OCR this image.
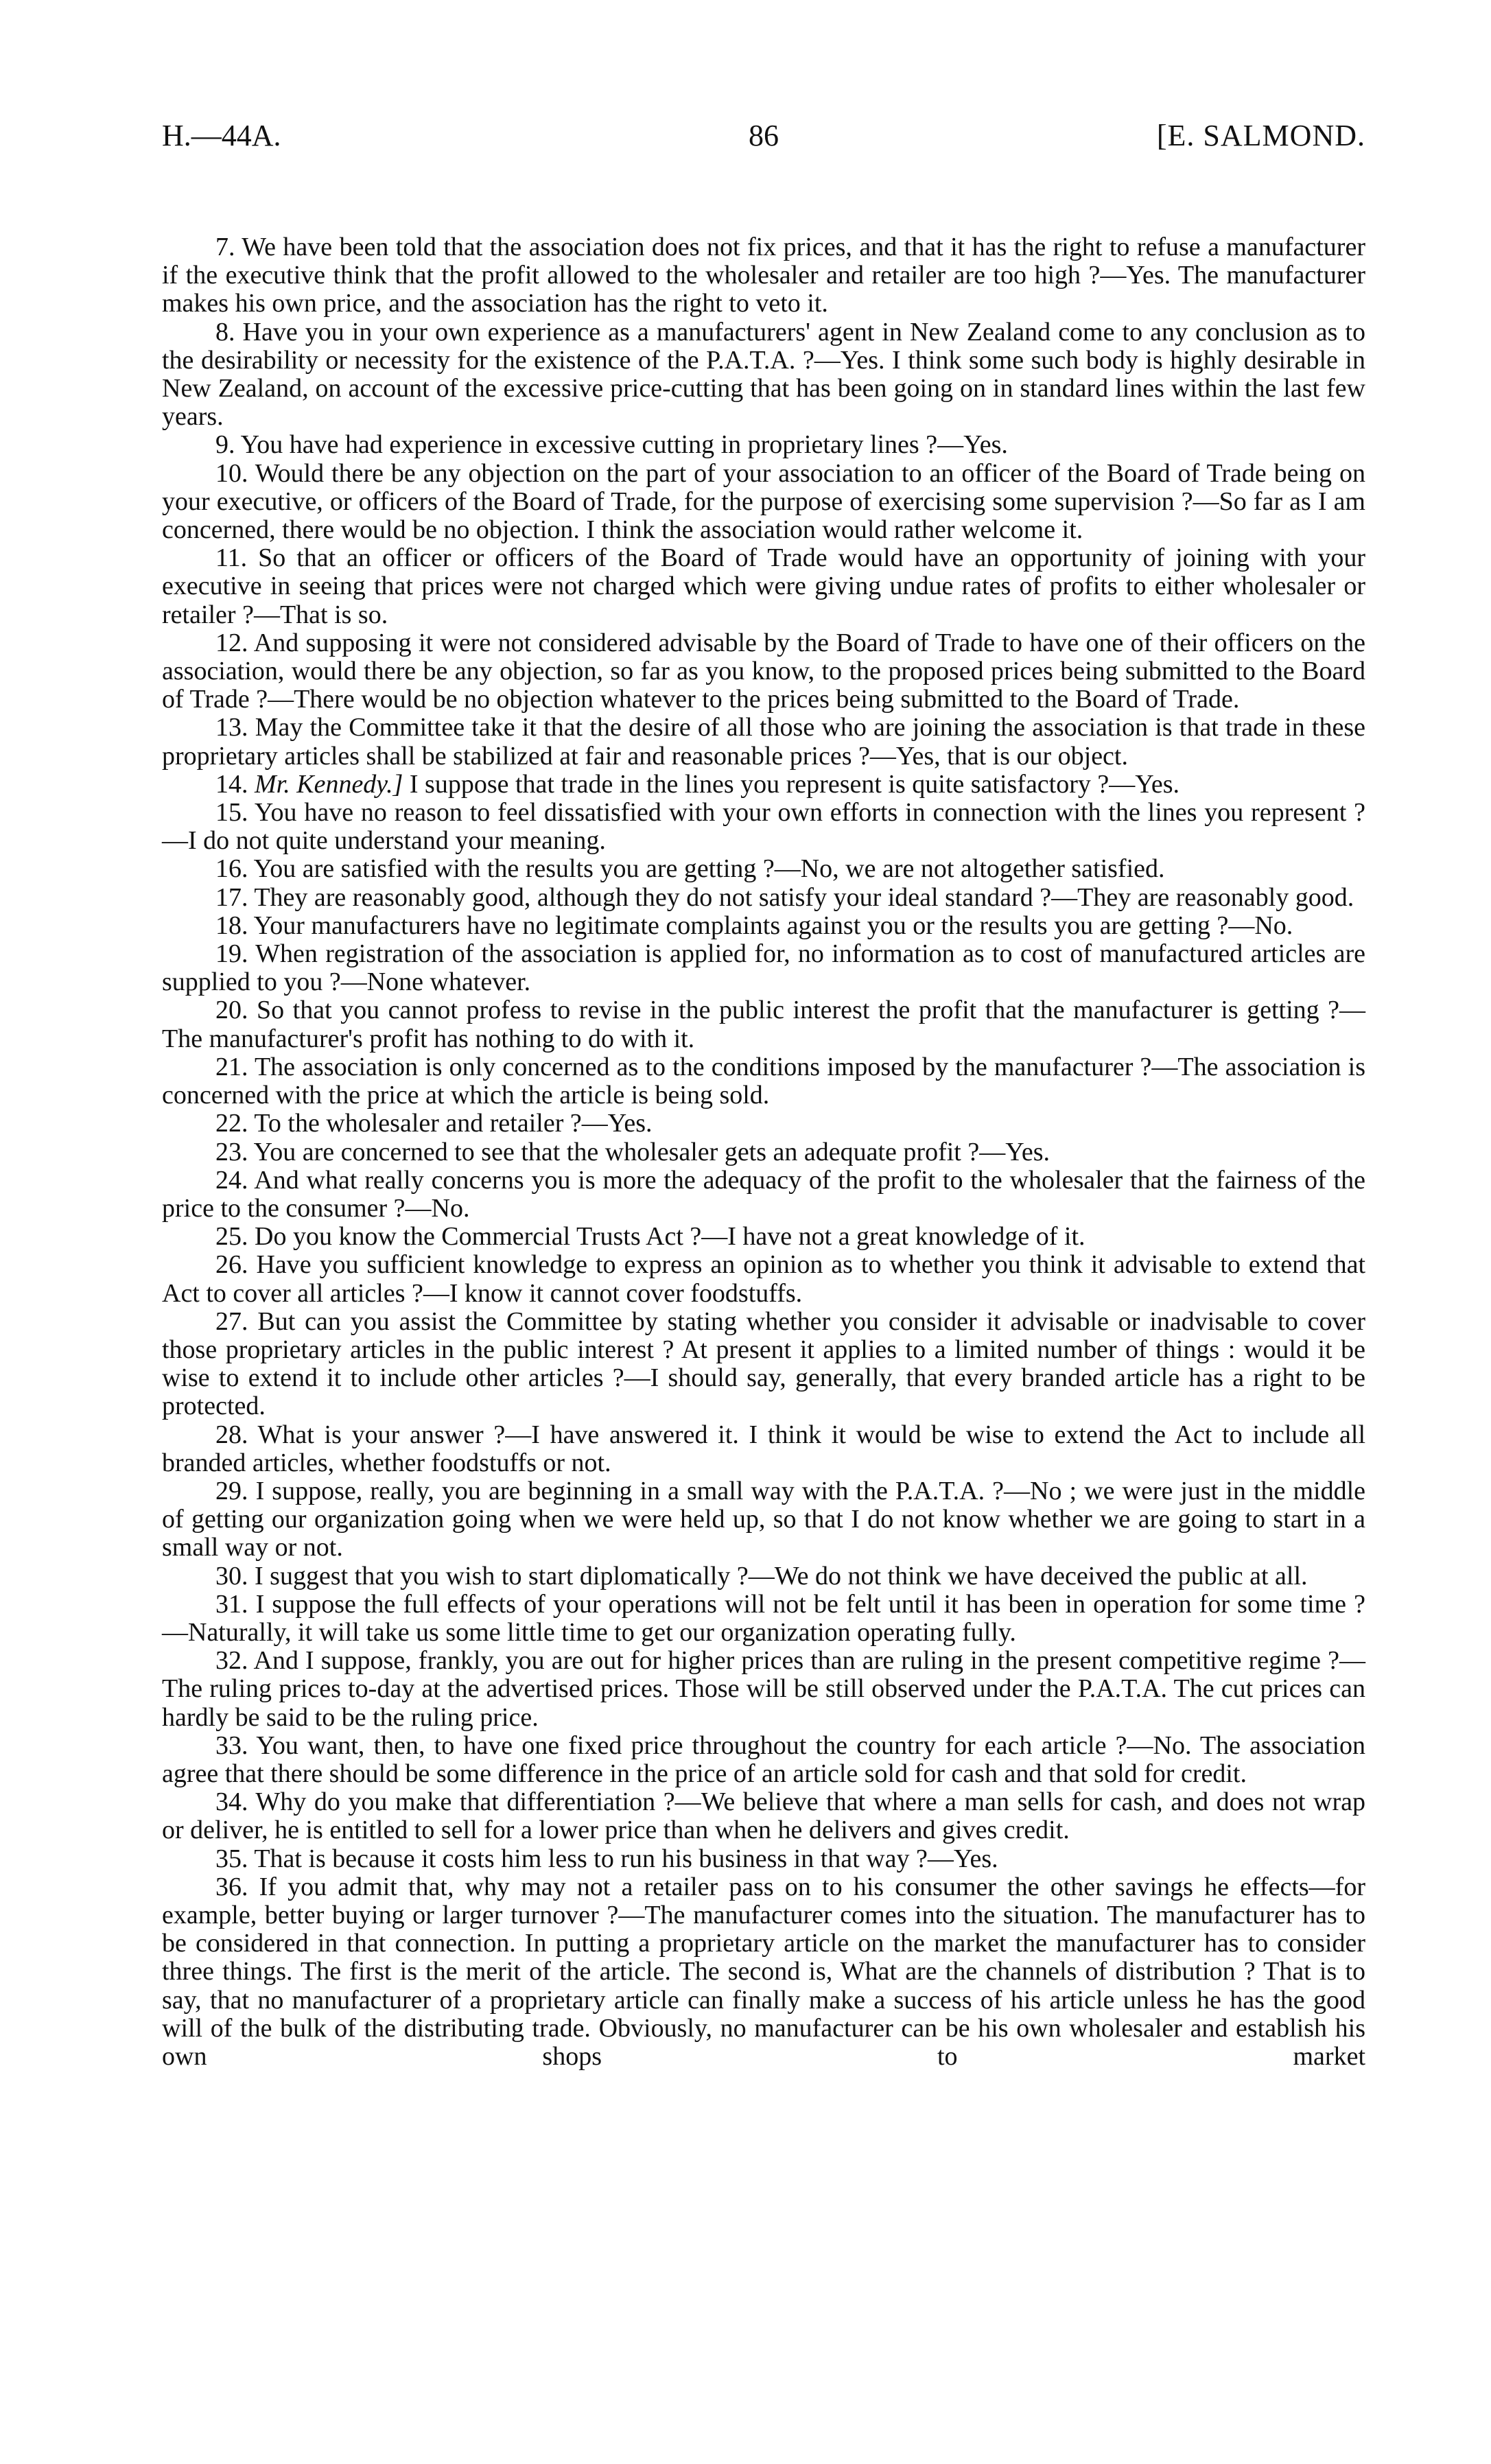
H.—44A.	86	[E. SALMOND.

7. We have been told that the association does not fix prices, and that it has the right to refuse a manufacturer if the executive think that the profit allowed to the wholesaler and retailer are too high ?—Yes. The manufacturer makes his own price, and the association has the right to veto it.

8. Have you in your own experience as a manufacturers' agent in New Zealand come to any conclusion as to the desirability or necessity for the existence of the P.A.T.A. ?—Yes. I think some such body is highly desirable in New Zealand, on account of the excessive price-cutting that has been going on in standard lines within the last few years.

9. You have had experience in excessive cutting in proprietary lines ?—Yes.

10. Would there be any objection on the part of your association to an officer of the Board of Trade being on your executive, or officers of the Board of Trade, for the purpose of exercising some supervision ?—So far as I am concerned, there would be no objection. I think the association would rather welcome it.

11. So that an officer or officers of the Board of Trade would have an opportunity of joining with your executive in seeing that prices were not charged which were giving undue rates of profits to either wholesaler or retailer ?—That is so.

12. And supposing it were not considered advisable by the Board of Trade to have one of their officers on the association, would there be any objection, so far as you know, to the proposed prices being submitted to the Board of Trade ?—There would be no objection whatever to the prices being submitted to the Board of Trade.

13. May the Committee take it that the desire of all those who are joining the association is that trade in these proprietary articles shall be stabilized at fair and reasonable prices ?—Yes, that is our object.

14. Mr. Kennedy.] I suppose that trade in the lines you represent is quite satisfactory ?—Yes.

15. You have no reason to feel dissatisfied with your own efforts in connection with the lines you represent ?—I do not quite understand your meaning.

16. You are satisfied with the results you are getting ?—No, we are not altogether satisfied.

17. They are reasonably good, although they do not satisfy your ideal standard ?—They are reasonably good.

18. Your manufacturers have no legitimate complaints against you or the results you are getting ?—No.

19. When registration of the association is applied for, no information as to cost of manufactured articles are supplied to you ?—None whatever.

20. So that you cannot profess to revise in the public interest the profit that the manufacturer is getting ?—The manufacturer's profit has nothing to do with it.

21. The association is only concerned as to the conditions imposed by the manufacturer ?—The association is concerned with the price at which the article is being sold.

22. To the wholesaler and retailer ?—Yes.

23. You are concerned to see that the wholesaler gets an adequate profit ?—Yes.

24. And what really concerns you is more the adequacy of the profit to the wholesaler that the fairness of the price to the consumer ?—No.

25. Do you know the Commercial Trusts Act ?—I have not a great knowledge of it.

26. Have you sufficient knowledge to express an opinion as to whether you think it advisable to extend that Act to cover all articles ?—I know it cannot cover foodstuffs.

27. But can you assist the Committee by stating whether you consider it advisable or inadvisable to cover those proprietary articles in the public interest ? At present it applies to a limited number of things : would it be wise to extend it to include other articles ?—I should say, generally, that every branded article has a right to be protected.

28. What is your answer ?—I have answered it. I think it would be wise to extend the Act to include all branded articles, whether foodstuffs or not.

29. I suppose, really, you are beginning in a small way with the P.A.T.A. ?—No ; we were just in the middle of getting our organization going when we were held up, so that I do not know whether we are going to start in a small way or not.

30. I suggest that you wish to start diplomatically ?—We do not think we have deceived the public at all.

31. I suppose the full effects of your operations will not be felt until it has been in operation for some time ?—Naturally, it will take us some little time to get our organization operating fully.

32. And I suppose, frankly, you are out for higher prices than are ruling in the present competitive regime ?—The ruling prices to-day at the advertised prices. Those will be still observed under the P.A.T.A. The cut prices can hardly be said to be the ruling price.

33. You want, then, to have one fixed price throughout the country for each article ?—No. The association agree that there should be some difference in the price of an article sold for cash and that sold for credit.

34. Why do you make that differentiation ?—We believe that where a man sells for cash, and does not wrap or deliver, he is entitled to sell for a lower price than when he delivers and gives credit.

35. That is because it costs him less to run his business in that way ?—Yes.

36. If you admit that, why may not a retailer pass on to his consumer the other savings he effects—for example, better buying or larger turnover ?—The manufacturer comes into the situation. The manufacturer has to be considered in that connection. In putting a proprietary article on the market the manufacturer has to consider three things. The first is the merit of the article. The second is, What are the channels of distribution ? That is to say, that no manufacturer of a proprietary article can finally make a success of his article unless he has the good will of the bulk of the distributing trade. Obviously, no manufacturer can be his own wholesaler and establish his own shops to market
